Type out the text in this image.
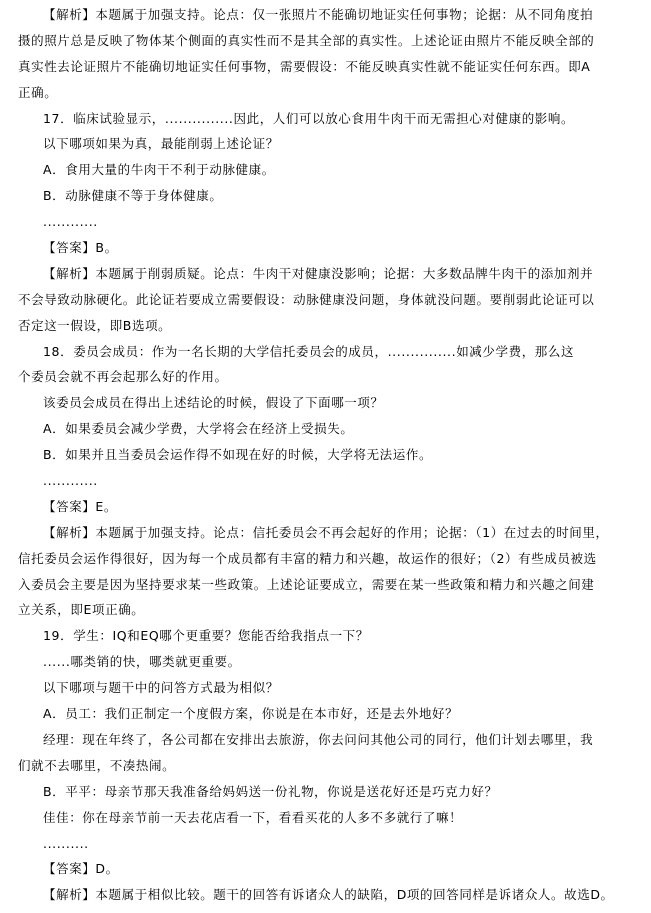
【解析】本题属于加强支持。论点：仅一张照片不能确切地证实任何事物；论据：从不同角度拍
摄的照片总是反映了物体某个侧面的真实性而不是其全部的真实性。上述论证由照片不能反映全部的
真实性去论证照片不能确切地证实任何事物，需要假设：不能反映真实性就不能证实任何东西。即A
正确。
17．临床试验显示，...............因此，人们可以放心食用牛肉干而无需担心对健康的影响。
以下哪项如果为真，最能削弱上述论证？
A．食用大量的牛肉干不利于动脉健康。
B．动脉健康不等于身体健康。
............
【答案】B。
【解析】本题属于削弱质疑。论点：牛肉干对健康没影响；论据：大多数品牌牛肉干的添加剂并
不会导致动脉硬化。此论证若要成立需要假设：动脉健康没问题，身体就没问题。要削弱此论证可以
否定这一假设，即B选项。
18．委员会成员：作为一名长期的大学信托委员会的成员，...............如减少学费，那么这
个委员会就不再会起那么好的作用。
该委员会成员在得出上述结论的时候，假设了下面哪一项？
A．如果委员会减少学费，大学将会在经济上受损失。
B．如果并且当委员会运作得不如现在好的时候，大学将无法运作。
............
【答案】E。
【解析】本题属于加强支持。论点：信托委员会不再会起好的作用；论据：（1）在过去的时间里，
信托委员会运作得很好，因为每一个成员都有丰富的精力和兴趣，故运作的很好；（2）有些成员被选
入委员会主要是因为坚持要求某一些政策。上述论证要成立，需要在某一些政策和精力和兴趣之间建
立关系，即E项正确。
19．学生：IQ和EQ哪个更重要？您能否给我指点一下？
......哪类销的快，哪类就更重要。
以下哪项与题干中的问答方式最为相似？
A．员工：我们正制定一个度假方案，你说是在本市好，还是去外地好？
经理：现在年终了，各公司都在安排出去旅游，你去问问其他公司的同行，他们计划去哪里，我
们就不去哪里，不凑热闹。
B．平平：母亲节那天我准备给妈妈送一份礼物，你说是送花好还是巧克力好？
佳佳：你在母亲节前一天去花店看一下，看看买花的人多不多就行了嘛！
..........
【答案】D。
【解析】本题属于相似比较。题干的回答有诉诸众人的缺陷，D项的回答同样是诉诸众人。故选D。
